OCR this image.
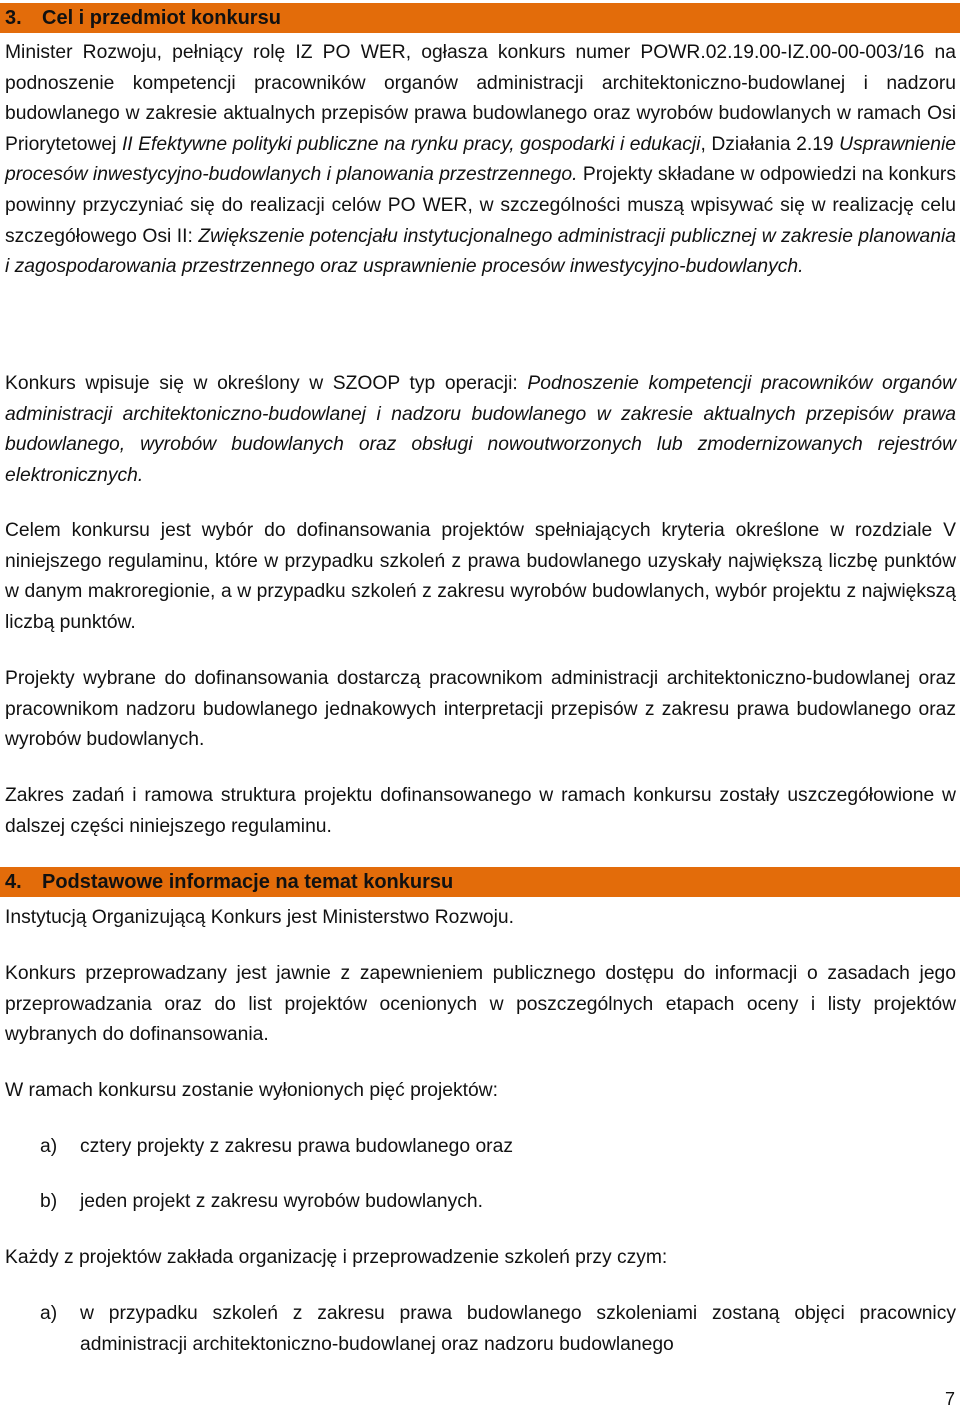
3. Cel i przedmiot konkursu

Minister Rozwoju, pełniący rolę IZ PO WER, ogłasza konkurs numer POWR.02.19.00-IZ.00-00-003/16 na podnoszenie kompetencji pracowników organów administracji architektoniczno-budowlanej i nadzoru budowlanego w zakresie aktualnych przepisów prawa budowlanego oraz wyrobów budowlanych w ramach Osi Priorytetowej II Efektywne polityki publiczne na rynku pracy, gospodarki i edukacji, Działania 2.19 Usprawnienie procesów inwestycyjno-budowlanych i planowania przestrzennego. Projekty składane w odpowiedzi na konkurs powinny przyczyniać się do realizacji celów PO WER, w szczególności muszą wpisywać się w realizację celu szczegółowego Osi II: Zwiększenie potencjału instytucjonalnego administracji publicznej w zakresie planowania i zagospodarowania przestrzennego oraz usprawnienie procesów inwestycyjno-budowlanych.

Konkurs wpisuje się w określony w SZOOP typ operacji: Podnoszenie kompetencji pracowników organów administracji architektoniczno-budowlanej i nadzoru budowlanego w zakresie aktualnych przepisów prawa budowlanego, wyrobów budowlanych oraz obsługi nowoutworzonych lub zmodernizowanych rejestrów elektronicznych.

Celem konkursu jest wybór do dofinansowania projektów spełniających kryteria określone w rozdziale V niniejszego regulaminu, które w przypadku szkoleń z prawa budowlanego uzyskały największą liczbę punktów w danym makroregionie, a w przypadku szkoleń z zakresu wyrobów budowlanych, wybór projektu z największą liczbą punktów.

Projekty wybrane do dofinansowania dostarczą pracownikom administracji architektoniczno-budowlanej oraz pracownikom nadzoru budowlanego jednakowych interpretacji przepisów z zakresu prawa budowlanego oraz wyrobów budowlanych.

Zakres zadań i ramowa struktura projektu dofinansowanego w ramach konkursu zostały uszczegółowione w dalszej części niniejszego regulaminu.

4. Podstawowe informacje na temat konkursu

Instytucją Organizującą Konkurs jest Ministerstwo Rozwoju.

Konkurs przeprowadzany jest jawnie z zapewnieniem publicznego dostępu do informacji o zasadach jego przeprowadzania oraz do list projektów ocenionych w poszczególnych etapach oceny i listy projektów wybranych do dofinansowania.

W ramach konkursu zostanie wyłonionych pięć projektów:

a)	cztery projekty z zakresu prawa budowlanego oraz

b)	jeden projekt z zakresu wyrobów budowlanych.

Każdy z projektów zakłada organizację i przeprowadzenie szkoleń przy czym:

a)	w przypadku szkoleń z zakresu prawa budowlanego szkoleniami zostaną objęci pracownicy administracji architektoniczno-budowlanej oraz nadzoru budowlanego

7
